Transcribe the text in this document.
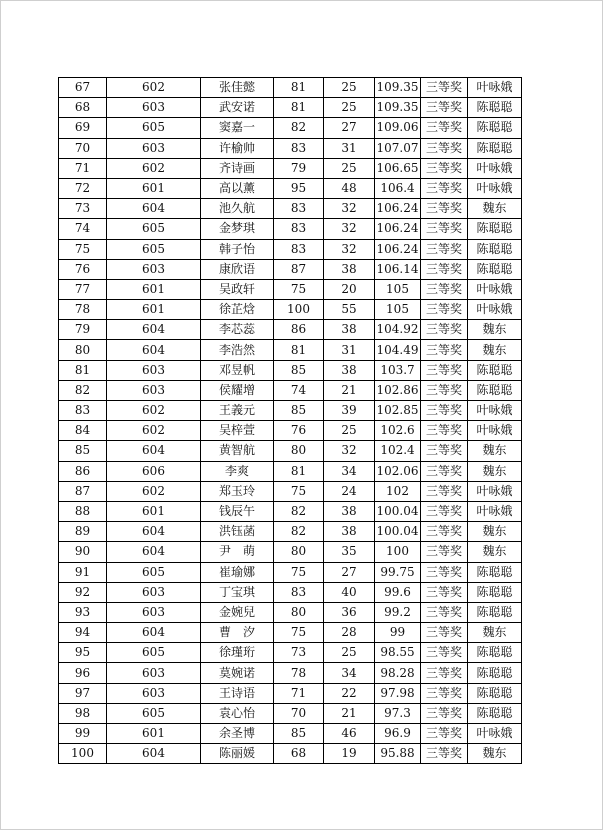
67	602	张佳懿	81	25	109.35	三等奖	叶咏娥
68	603	武安诺	81	25	109.35	三等奖	陈聪聪
69	605	窦嘉一	82	27	109.06	三等奖	陈聪聪
70	603	许榆帅	83	31	107.07	三等奖	陈聪聪
71	602	齐诗画	79	25	106.65	三等奖	叶咏娥
72	601	高以薰	95	48	106.4	三等奖	叶咏娥
73	604	池久航	83	32	106.24	三等奖	魏东
74	605	金梦琪	83	32	106.24	三等奖	陈聪聪
75	605	韩子怡	83	32	106.24	三等奖	陈聪聪
76	603	康欣语	87	38	106.14	三等奖	陈聪聪
77	601	吴政轩	75	20	105	三等奖	叶咏娥
78	601	徐芷焓	100	55	105	三等奖	叶咏娥
79	604	李芯蕊	86	38	104.92	三等奖	魏东
80	604	李浩然	81	31	104.49	三等奖	魏东
81	603	邓昱帆	85	38	103.7	三等奖	陈聪聪
82	603	侯耀增	74	21	102.86	三等奖	陈聪聪
83	602	王義元	85	39	102.85	三等奖	叶咏娥
84	602	吴梓萱	76	25	102.6	三等奖	叶咏娥
85	604	黄智航	80	32	102.4	三等奖	魏东
86	606	李爽	81	34	102.06	三等奖	魏东
87	602	郑玉玲	75	24	102	三等奖	叶咏娥
88	601	钱辰午	82	38	100.04	三等奖	叶咏娥
89	604	洪钰菡	82	38	100.04	三等奖	魏东
90	604	尹　萌	80	35	100	三等奖	魏东
91	605	崔瑜娜	75	27	99.75	三等奖	陈聪聪
92	603	丁宝琪	83	40	99.6	三等奖	陈聪聪
93	603	金婉兒	80	36	99.2	三等奖	陈聪聪
94	604	曹　汐	75	28	99	三等奖	魏东
95	605	徐瑾珩	73	25	98.55	三等奖	陈聪聪
96	603	莫婉诺	78	34	98.28	三等奖	陈聪聪
97	603	王诗语	71	22	97.98	三等奖	陈聪聪
98	605	袁心怡	70	21	97.3	三等奖	陈聪聪
99	601	余圣博	85	46	96.9	三等奖	叶咏娥
100	604	陈丽媛	68	19	95.88	三等奖	魏东
